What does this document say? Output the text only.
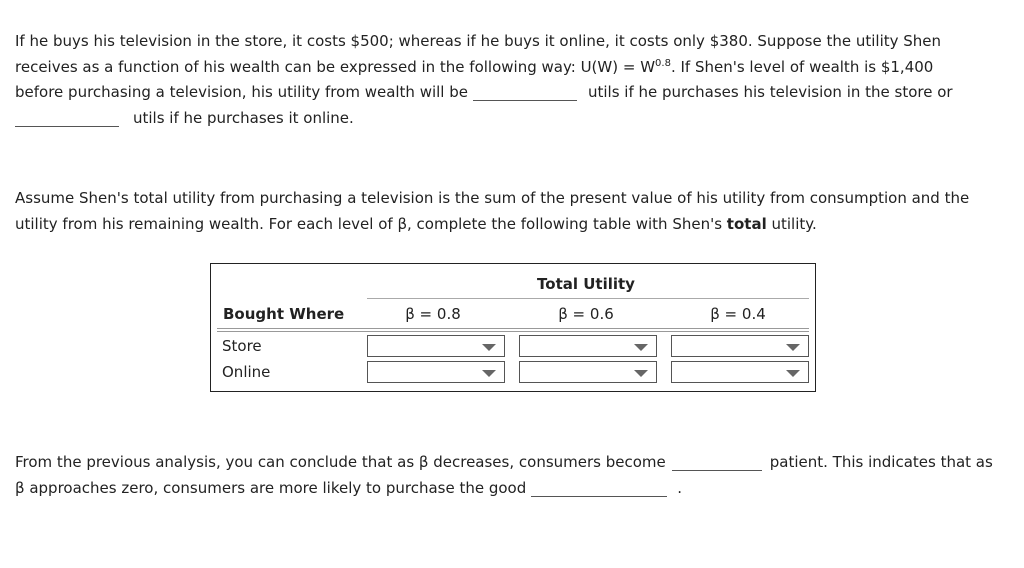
If he buys his television in the store, it costs $500; whereas if he buys it online, it costs only $380. Suppose the utility Shen
receives as a function of his wealth can be expressed in the following way: $U(W) = W^{0.8}$. If Shen's level of wealth is $1,400
before purchasing a television, his utility from wealth will be	utils if he purchases his television in the store or
utils if he purchases it online.
Assume Shen's total utility from purchasing a television is the sum of the present value of his utility from consumption and the
utility from his remaining wealth. For each level of β, complete the following table with Shen's total utility.
Total Utility
Bought Where	β = 0.8	β = 0.6	β = 0.4
Store
Online
From the previous analysis, you can conclude that as β decreases, consumers become	patient. This indicates that as
β approaches zero, consumers are more likely to purchase the good	.
